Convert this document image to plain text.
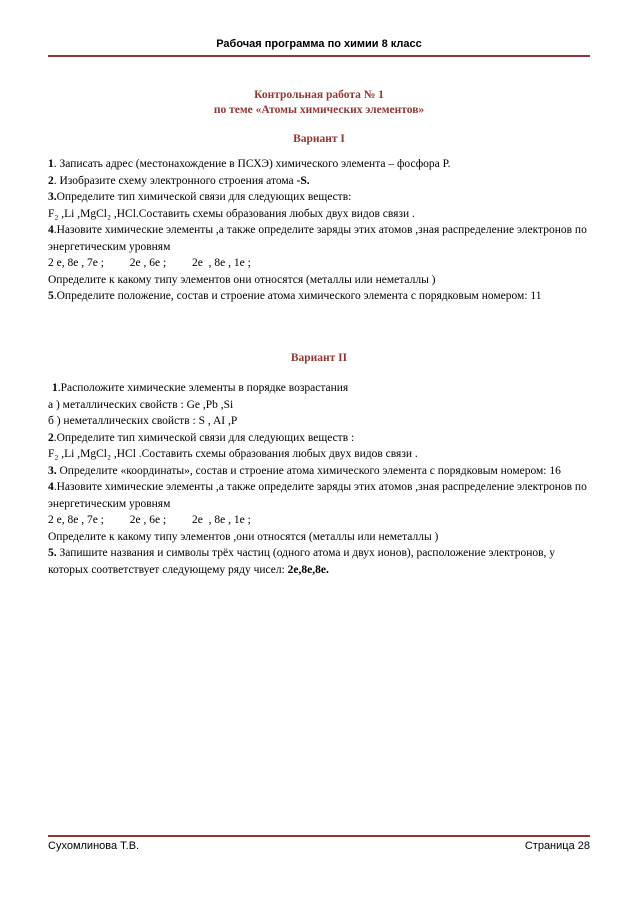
Рабочая программа по химии 8 класс
Контрольная работа № 1
по теме «Атомы химических элементов»
Вариант I

1. Записать адрес (местонахождение в ПСХЭ) химического элемента – фосфора Р.

2. Изобразите схему электронного строения атома -S.

3.Определите тип химической связи для следующих веществ:

F₂ ,Li ,MgCl₂ ,HCl.Составить схемы образования любых двух видов связи .

4.Назовите химические элементы ,а также определите заряды этих атомов ,зная распределение электронов по энергетическим уровням

2 е, 8е , 7е ;         2е , 6е ;         2е  , 8е , 1е ;

Определите к какому типу элементов они относятся (металлы или неметаллы )

5.Определите положение, состав и строение атома химического элемента с порядковым номером: 11

Вариант II

1.Расположите химические элементы в порядке возрастания

а ) металлических свойств : Ge ,Pb ,Si

б ) неметаллических свойств : S , AI ,P

2.Определите тип химической связи для следующих веществ :

F₂ ,Li ,MgCl₂ ,HCl .Составить схемы образования любых двух видов связи .

3. Определите «координаты», состав и строение атома химического элемента с порядковым номером: 16

4.Назовите химические элементы ,а также определите заряды этих атомов ,зная распределение электронов по энергетическим уровням

2 е, 8е , 7е ;         2е , 6е ;         2е  , 8е , 1е ;

Определите к какому типу элементов ,они относятся (металлы или неметаллы )

5. Запишите названия и символы трёх частиц (одного атома и двух ионов), расположение электронов, у которых соответствует следующему ряду чисел: 2е,8е,8е.

Сухомлинова Т.В.	Страница 28
